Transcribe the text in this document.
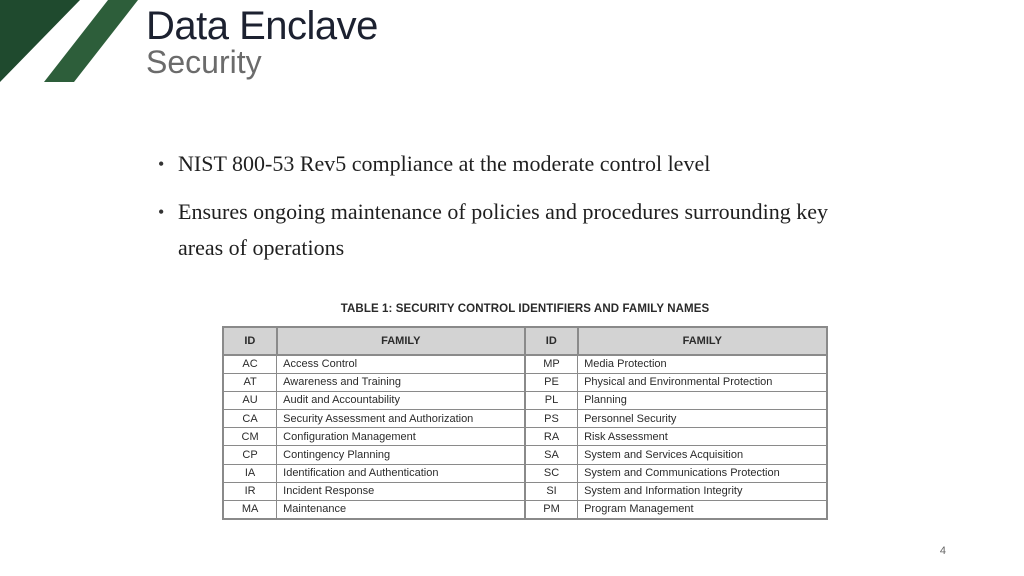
Data Enclave
Security
• NIST 800-53 Rev5 compliance at the moderate control level
• Ensures ongoing maintenance of policies and procedures surrounding key areas of operations
TABLE 1: SECURITY CONTROL IDENTIFIERS AND FAMILY NAMES
ID	FAMILY	ID	FAMILY
AC	Access Control	MP	Media Protection
AT	Awareness and Training	PE	Physical and Environmental Protection
AU	Audit and Accountability	PL	Planning
CA	Security Assessment and Authorization	PS	Personnel Security
CM	Configuration Management	RA	Risk Assessment
CP	Contingency Planning	SA	System and Services Acquisition
IA	Identification and Authentication	SC	System and Communications Protection
IR	Incident Response	SI	System and Information Integrity
MA	Maintenance	PM	Program Management
4
